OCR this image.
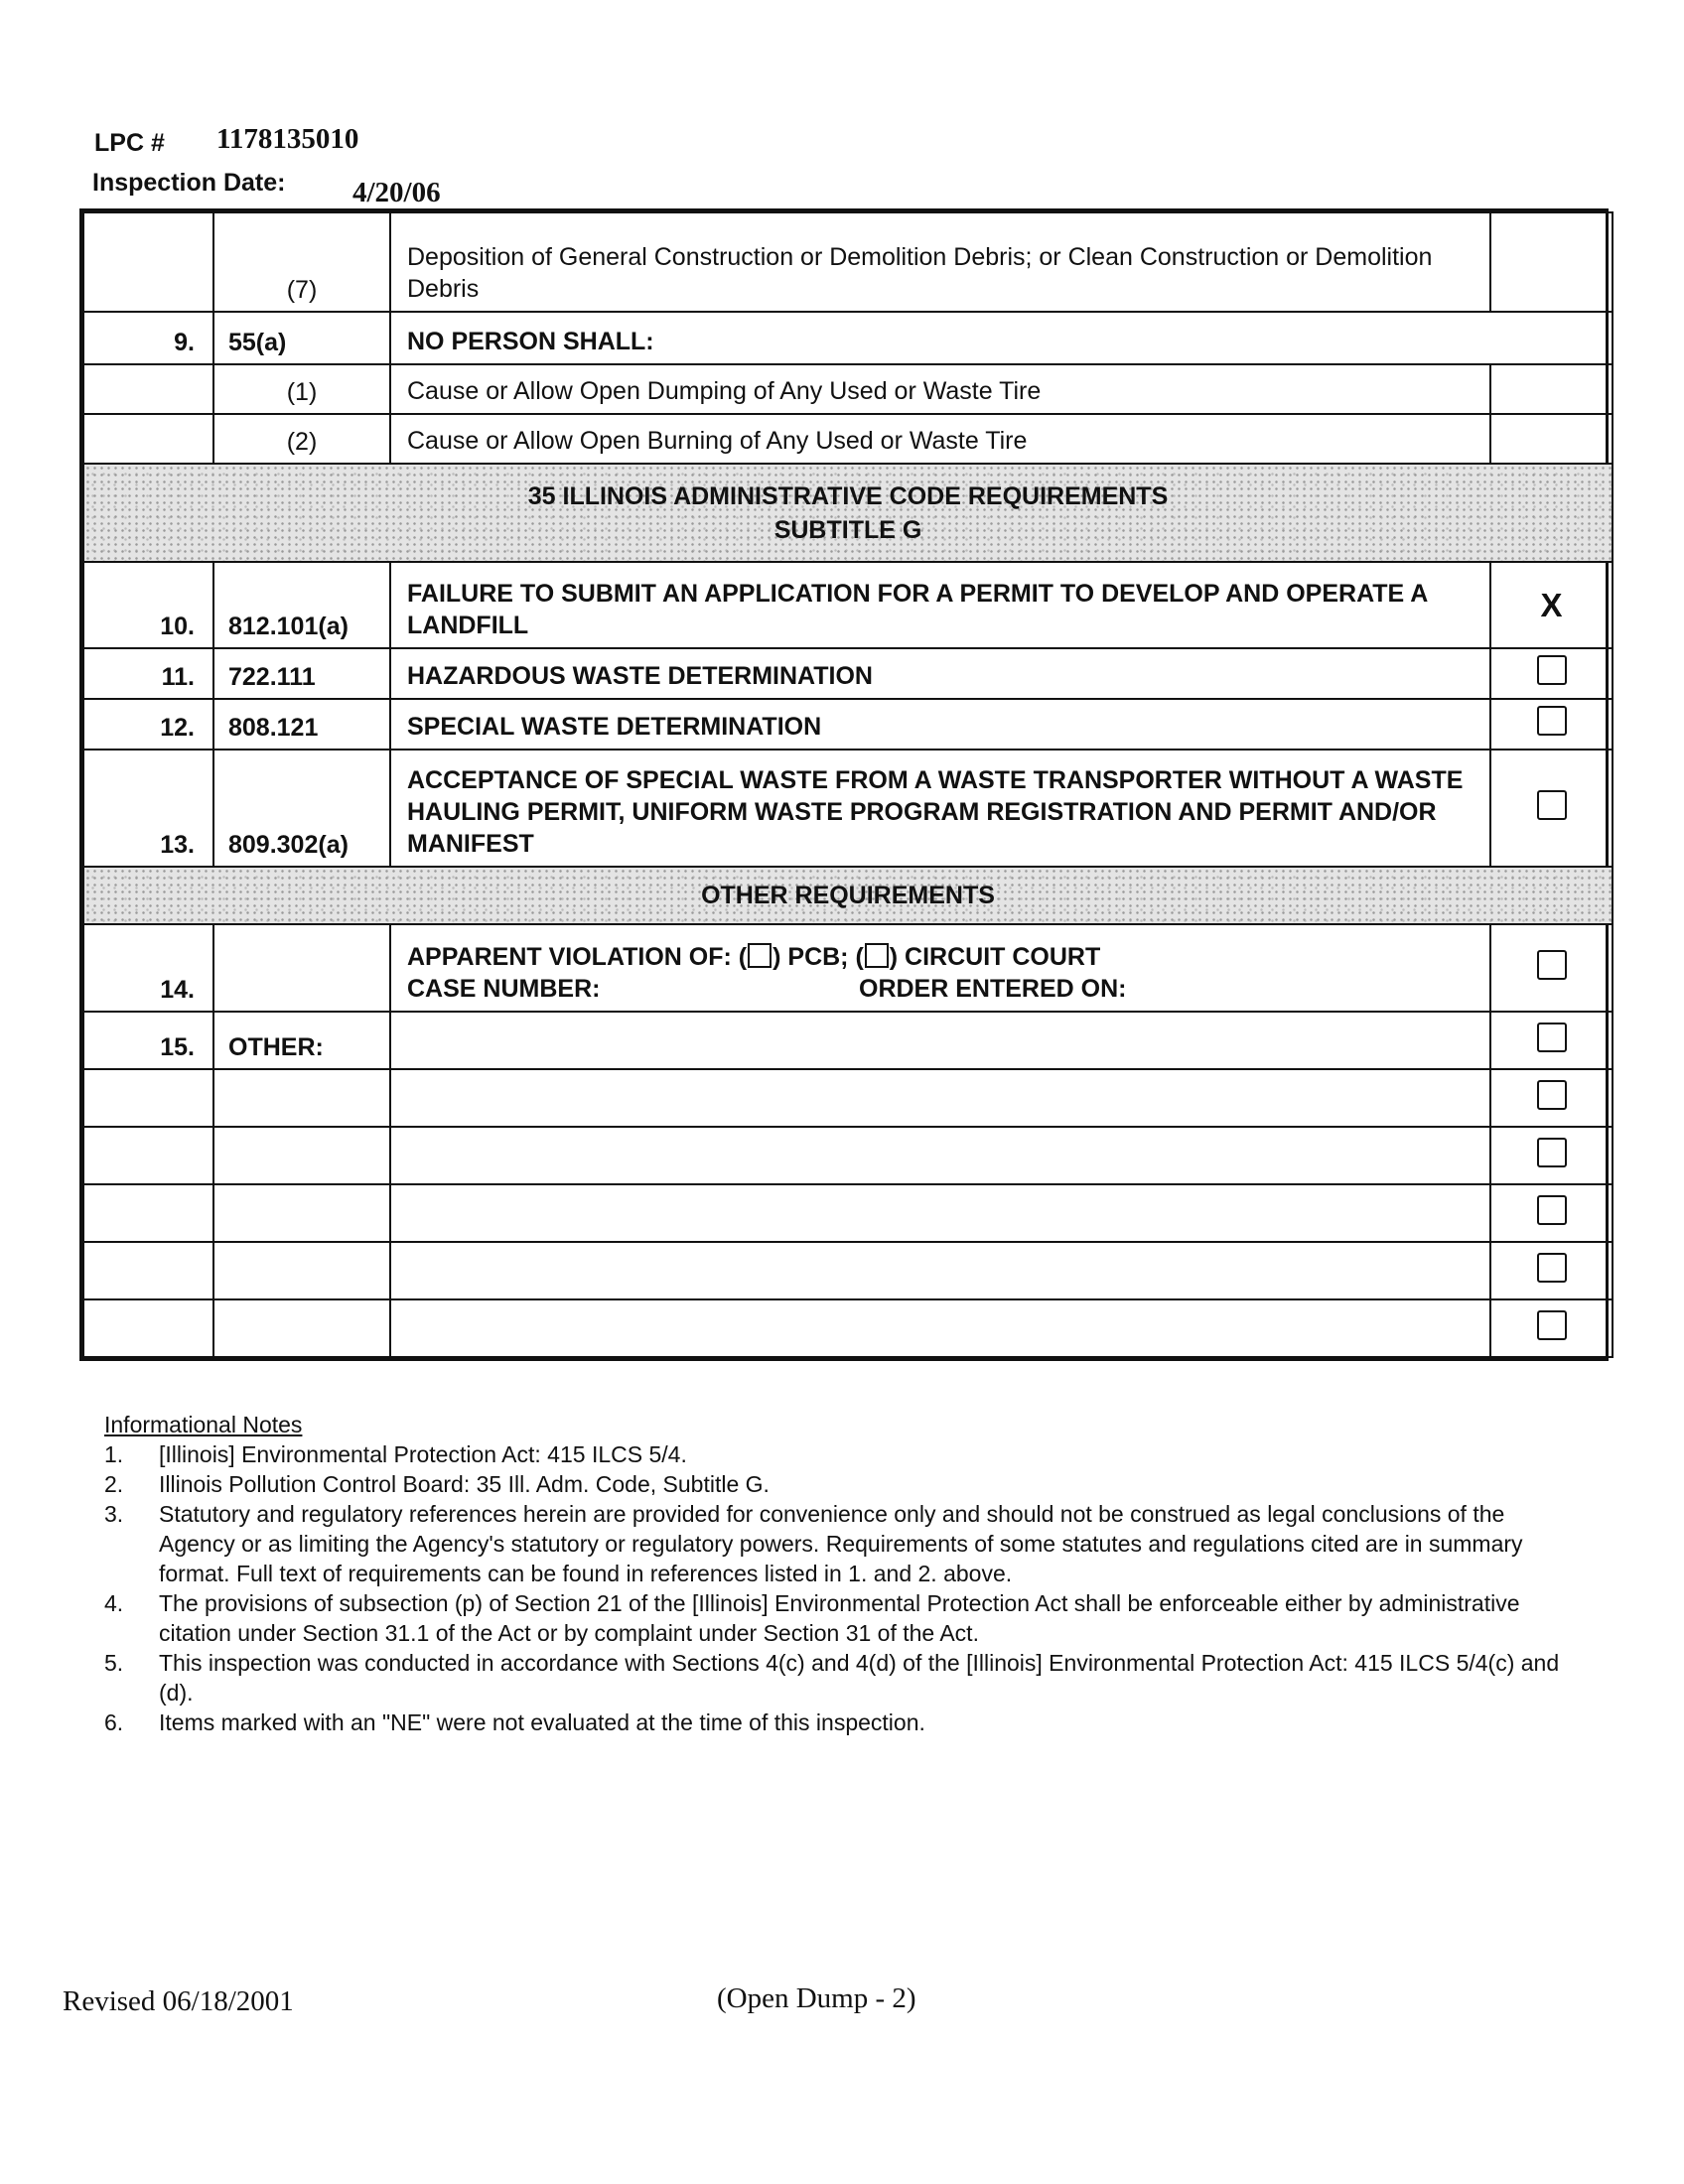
LPC # 1178135010
Inspection Date: 4/20/06
	(7)	Deposition of General Construction or Demolition Debris; or Clean Construction or Demolition Debris	
9.	55(a)	NO PERSON SHALL:	
	(1)	Cause or Allow Open Dumping of Any Used or Waste Tire	
	(2)	Cause or Allow Open Burning of Any Used or Waste Tire	

35 ILLINOIS ADMINISTRATIVE CODE REQUIREMENTS
SUBTITLE G			

10.	812.101(a)	FAILURE TO SUBMIT AN APPLICATION FOR A PERMIT TO DEVELOP AND OPERATE A LANDFILL	X
11.	722.111	HAZARDOUS WASTE DETERMINATION	
12.	808.121	SPECIAL WASTE DETERMINATION	
13.	809.302(a)	ACCEPTANCE OF SPECIAL WASTE FROM A WASTE TRANSPORTER WITHOUT A WASTE HAULING PERMIT, UNIFORM WASTE PROGRAM REGISTRATION AND PERMIT AND/OR MANIFEST	

OTHER REQUIREMENTS			

14.		APPARENT VIOLATION OF: ( ) PCB; ( ) CIRCUIT COURT
CASE NUMBER: ORDER ENTERED ON:	

15.	OTHER:		

Informational Notes
1.	[Illinois] Environmental Protection Act: 415 ILCS 5/4.
2.	Illinois Pollution Control Board: 35 Ill. Adm. Code, Subtitle G.
3.	Statutory and regulatory references herein are provided for convenience only and should not be construed as legal conclusions of the Agency or as limiting the Agency's statutory or regulatory powers. Requirements of some statutes and regulations cited are in summary format. Full text of requirements can be found in references listed in 1. and 2. above.
4.	The provisions of subsection (p) of Section 21 of the [Illinois] Environmental Protection Act shall be enforceable either by administrative citation under Section 31.1 of the Act or by complaint under Section 31 of the Act.
5.	This inspection was conducted in accordance with Sections 4(c) and 4(d) of the [Illinois] Environmental Protection Act: 415 ILCS 5/4(c) and (d).
6.	Items marked with an "NE" were not evaluated at the time of this inspection.
Revised 06/18/2001	(Open Dump - 2)
